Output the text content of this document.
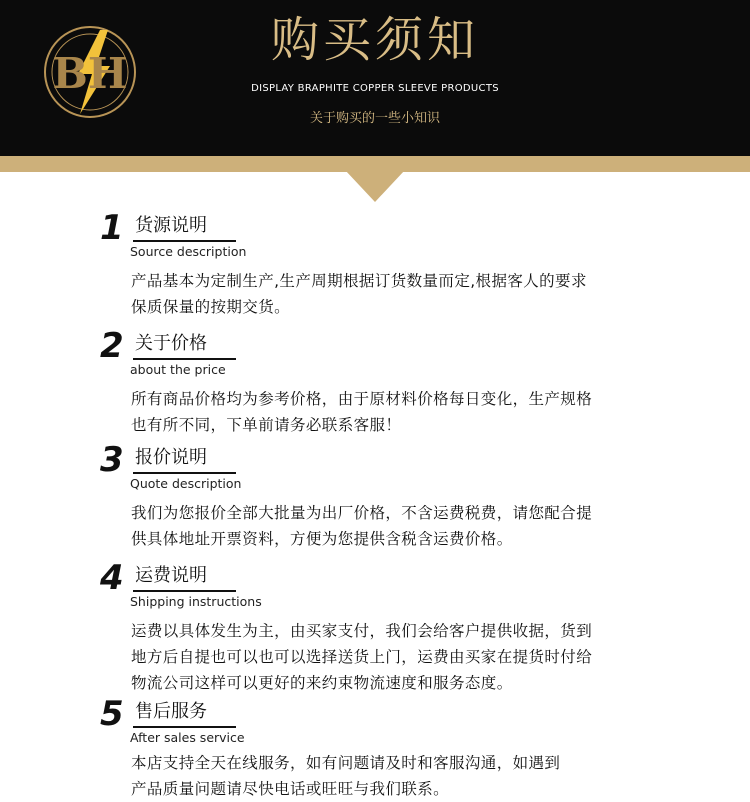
BH
购买须知
DISPLAY BRAPHITE COPPER SLEEVE PRODUCTS
关于购买的一些小知识
1 货源说明
Source description

产品基本为定制生产,生产周期根据订货数量而定,根据客人的要求
保质保量的按期交货。

2 关于价格
about the price

所有商品价格均为参考价格，由于原材料价格每日变化，生产规格
也有所不同，下单前请务必联系客服！

3 报价说明
Quote description

我们为您报价全部大批量为出厂价格，不含运费税费，请您配合提
供具体地址开票资料，方便为您提供含税含运费价格。

4 运费说明
Shipping instructions

运费以具体发生为主，由买家支付，我们会给客户提供收据，货到
地方后自提也可以也可以选择送货上门，运费由买家在提货时付给
物流公司这样可以更好的来约束物流速度和服务态度。

5 售后服务
After sales service

本店支持全天在线服务，如有问题请及时和客服沟通，如遇到
产品质量问题请尽快电话或旺旺与我们联系。
